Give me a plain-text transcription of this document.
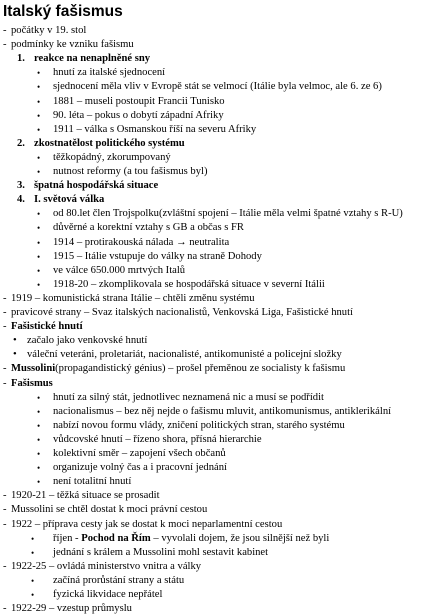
Italský fašismus
- počátky v 19. stol
- podmínky ke vzniku fašismu
1. reakce na nenaplněné sny
• hnutí za italské sjednocení
• sjednocení měla vliv v Evropě stát se velmocí (Itálie byla velmoc, ale 6. ze 6)
• 1881 – museli postoupit Francii Tunisko
• 90. léta – pokus o dobytí západní Afriky
• 1911 – válka s Osmanskou říší na severu Afriky
2. zkostnatělost politického systému
• těžkopádný, zkorumpovaný
• nutnost reformy (a tou fašismus byl)
3. špatná hospodářská situace
4. I. světová válka
• od 80.let člen Trojspolku(zvláštní spojení – Itálie měla velmi špatné vztahy s R-U)
• důvěrné a korektní vztahy s GB a občas s FR
• 1914 – protirakouská nálada → neutralita
• 1915 – Itálie vstupuje do války na straně Dohody
• ve válce 650.000 mrtvých Italů
• 1918-20 – zkomplikovala se hospodářská situace v severní Itálii
- 1919 – komunistická strana Itálie – chtěli změnu systému
- pravicové strany – Svaz italských nacionalistů, Venkovská Liga, Fašistické hnutí
- Fašistické hnutí
• začalo jako venkovské hnutí
• váleční veteráni, proletariát, nacionalisté, antikomunisté a policejní složky
- Mussolini(propagandistický génius) – prošel přeměnou ze socialisty k fašismu
- Fašismus
• hnutí za silný stát, jednotlivec neznamená nic a musí se podřídit
• nacionalismus – bez něj nejde o fašismu mluvit, antikomunismus, antiklerikální
• nabízí novou formu vlády, zničení politických stran, starého systému
• vůdcovské hnutí – řízeno shora, přísná hierarchie
• kolektivní směr – zapojení všech občanů
• organizuje volný čas a i pracovní jednání
• není totalitní hnutí
- 1920-21 – těžká situace se prosadit
- Mussolini se chtěl dostat k moci právní cestou
- 1922 – příprava cesty jak se dostat k moci neparlamentní cestou
• říjen - Pochod na Řím – vyvolali dojem, že jsou silnější než byli
• jednání s králem a Mussolini mohl sestavit kabinet
- 1922-25 – ovládá ministerstvo vnitra a války
• začíná prorůstání strany a státu
• fyzická likvidace nepřátel
- 1922-29 – vzestup průmyslu
